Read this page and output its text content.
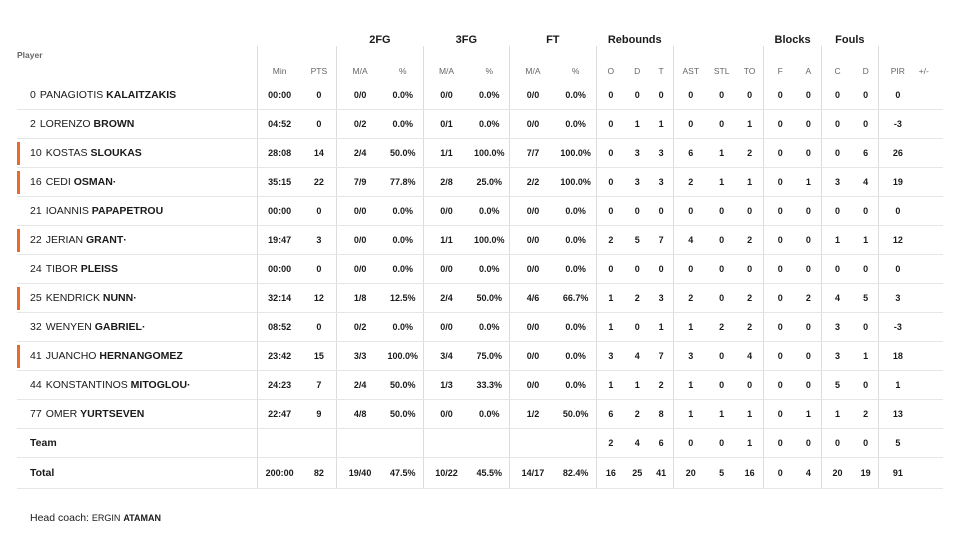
			2FG		3FG		FT		Rebounds						Blocks		Fouls			
Player	Min	PTS	M/A	%	M/A	%	M/A	%	O	D	T	AST	STL	TO	F	A	C	D	PIR	+/-
0 PANAGIOTIS KALAITZAKIS	00:00	0	0/0	0.0%	0/0	0.0%	0/0	0.0%	0	0	0	0	0	0	0	0	0	0	0	
2 LORENZO BROWN	04:52	0	0/2	0.0%	0/1	0.0%	0/0	0.0%	0	1	1	0	0	1	0	0	0	0	-3	

10 KOSTAS SLOUKAS	28:08	14	2/4	50.0%	1/1	100.0%	7/7	100.0%	0	3	3	6	1	2	0	0	0	6	26	

16 CEDI OSMAN·	35:15	22	7/9	77.8%	2/8	25.0%	2/2	100.0%	0	3	3	2	1	1	0	1	3	4	19	
21 IOANNIS PAPAPETROU	00:00	0	0/0	0.0%	0/0	0.0%	0/0	0.0%	0	0	0	0	0	0	0	0	0	0	0	

22 JERIAN GRANT·	19:47	3	0/0	0.0%	1/1	100.0%	0/0	0.0%	2	5	7	4	0	2	0	0	1	1	12	
24 TIBOR PLEISS	00:00	0	0/0	0.0%	0/0	0.0%	0/0	0.0%	0	0	0	0	0	0	0	0	0	0	0	

25 KENDRICK NUNN·	32:14	12	1/8	12.5%	2/4	50.0%	4/6	66.7%	1	2	3	2	0	2	0	2	4	5	3	
32 WENYEN GABRIEL·	08:52	0	0/2	0.0%	0/0	0.0%	0/0	0.0%	1	0	1	1	2	2	0	0	3	0	-3	

41 JUANCHO HERNANGOMEZ	23:42	15	3/3	100.0%	3/4	75.0%	0/0	0.0%	3	4	7	3	0	4	0	0	3	1	18	
44 KONSTANTINOS MITOGLOU·	24:23	7	2/4	50.0%	1/3	33.3%	0/0	0.0%	1	1	2	1	0	0	0	0	5	0	1	
77 OMER YURTSEVEN	22:47	9	4/8	50.0%	0/0	0.0%	1/2	50.0%	6	2	8	1	1	1	0	1	1	2	13	
Team									2	4	6	0	0	1	0	0	0	0	5	
Total	200:00	82	19/40	47.5%	10/22	45.5%	14/17	82.4%	16	25	41	20	5	16	0	4	20	19	91	
Head coach: ERGIN ATAMAN
